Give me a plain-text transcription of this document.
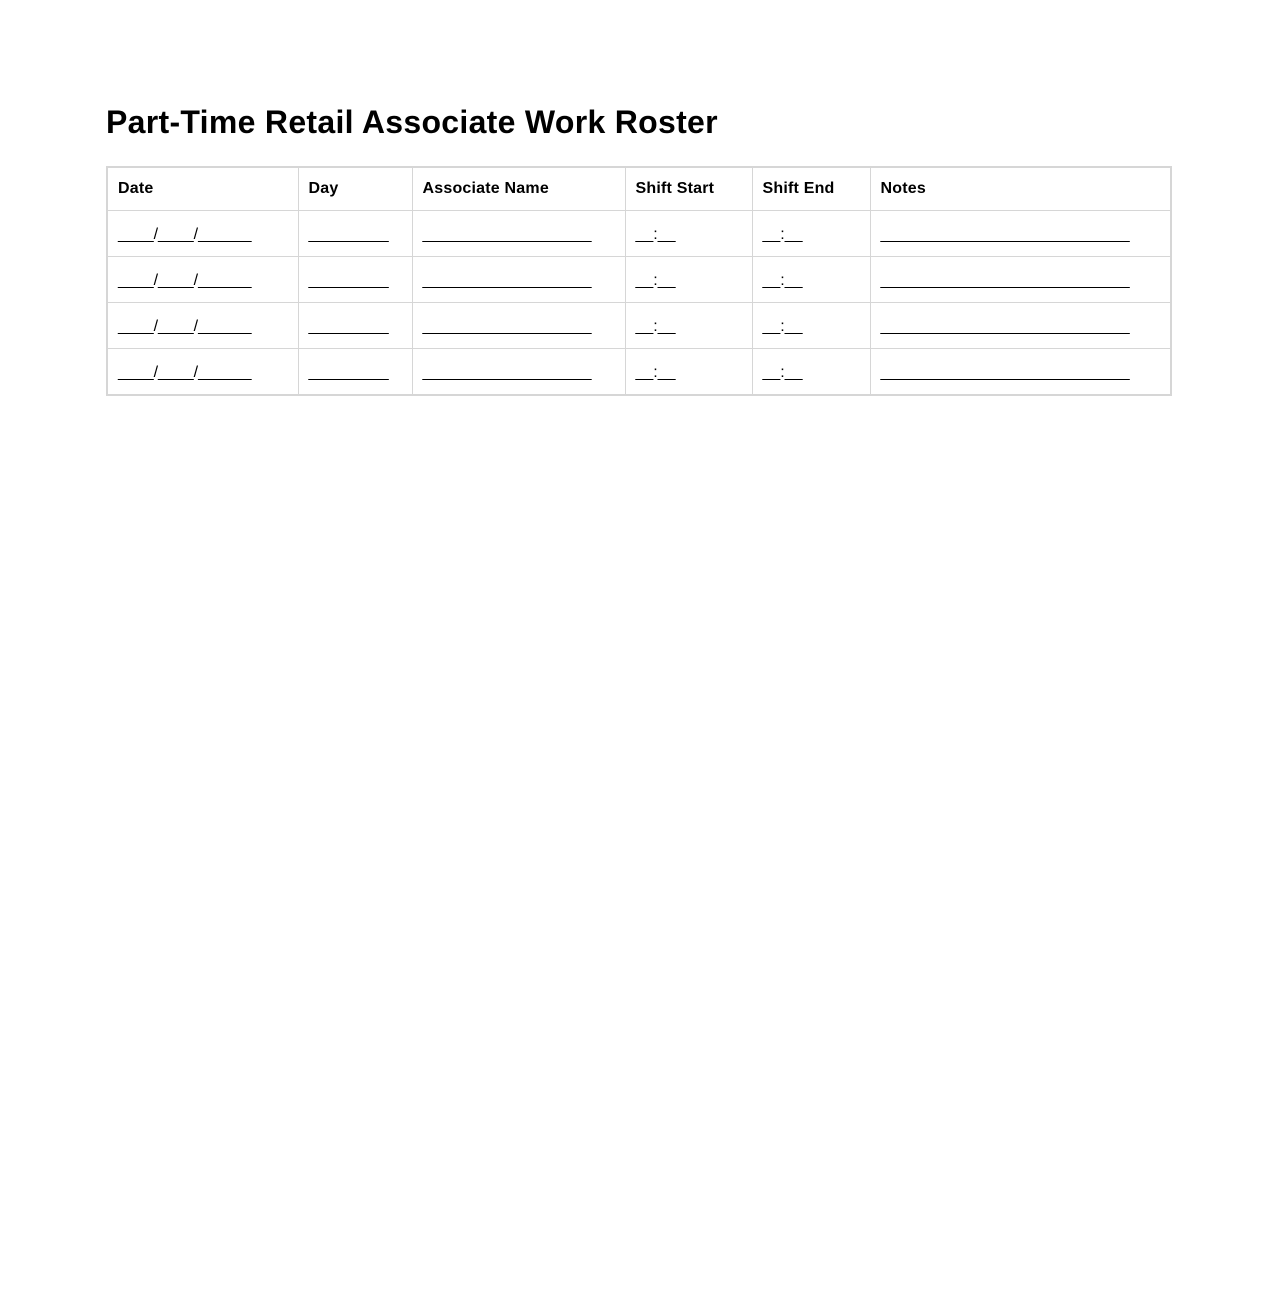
Part-Time Retail Associate Work Roster
Date	Day	Associate Name	Shift Start	Shift End	Notes
____/____/______	_________	___________________	__:__	__:__	____________________________
____/____/______	_________	___________________	__:__	__:__	____________________________
____/____/______	_________	___________________	__:__	__:__	____________________________
____/____/______	_________	___________________	__:__	__:__	____________________________
